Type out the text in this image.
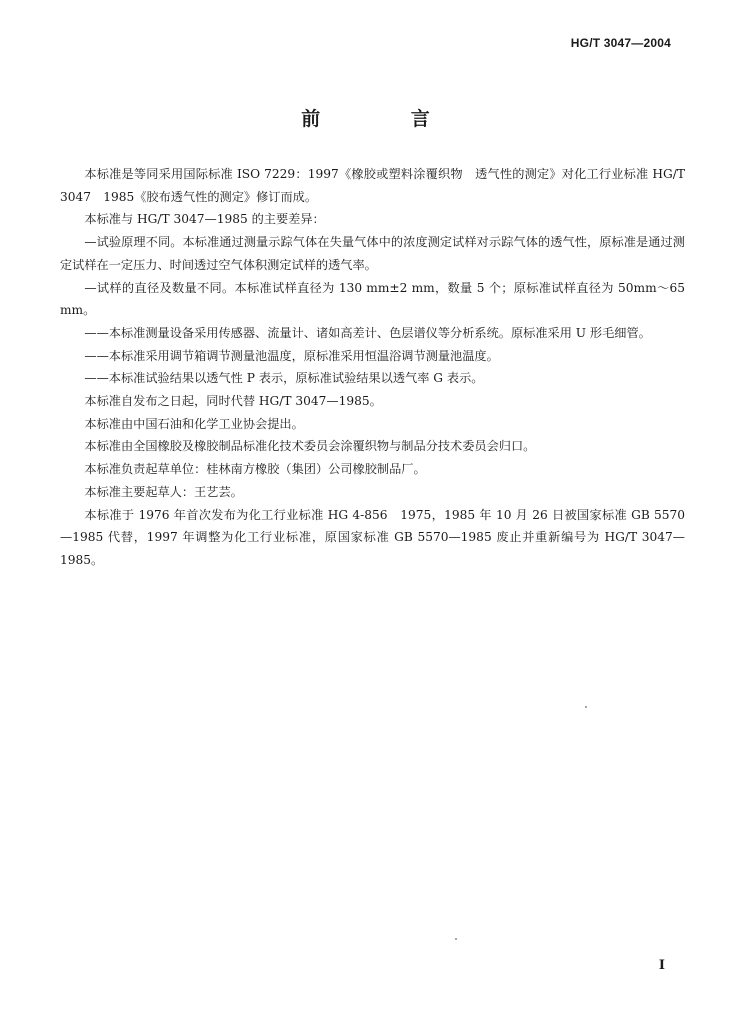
HG/T 3047—2004
前 言

本标准是等同采用国际标准 ISO 7229：1997《橡胶或塑料涂覆织物　透气性的测定》对化工行业标准 HG/T 3047　1985《胶布透气性的测定》修订而成。

本标准与 HG/T 3047—1985 的主要差异：

—试验原理不同。本标准通过测量示踪气体在失量气体中的浓度测定试样对示踪气体的透气性，原标准是通过测定试样在一定压力、时间透过空气体积测定试样的透气率。

—试样的直径及数量不同。本标准试样直径为 130 mm±2 mm，数量 5 个；原标准试样直径为 50mm～65 mm。

——本标准测量设备采用传感器、流量计、诸如高差计、色层谱仪等分析系统。原标准采用 U 形毛细管。

——本标准采用调节箱调节测量池温度，原标准采用恒温浴调节测量池温度。

——本标准试验结果以透气性 P 表示，原标准试验结果以透气率 G 表示。

本标准自发布之日起，同时代替 HG/T 3047—1985。

本标准由中国石油和化学工业协会提出。

本标准由全国橡胶及橡胶制品标准化技术委员会涂覆织物与制品分技术委员会归口。

本标准负责起草单位：桂林南方橡胶（集团）公司橡胶制品厂。

本标准主要起草人：王艺芸。

本标准于 1976 年首次发布为化工行业标准 HG 4-856　1975，1985 年 10 月 26 日被国家标准 GB 5570—1985 代替，1997 年调整为化工行业标准，原国家标准 GB 5570—1985 废止并重新编号为 HG/T 3047—1985。

I
